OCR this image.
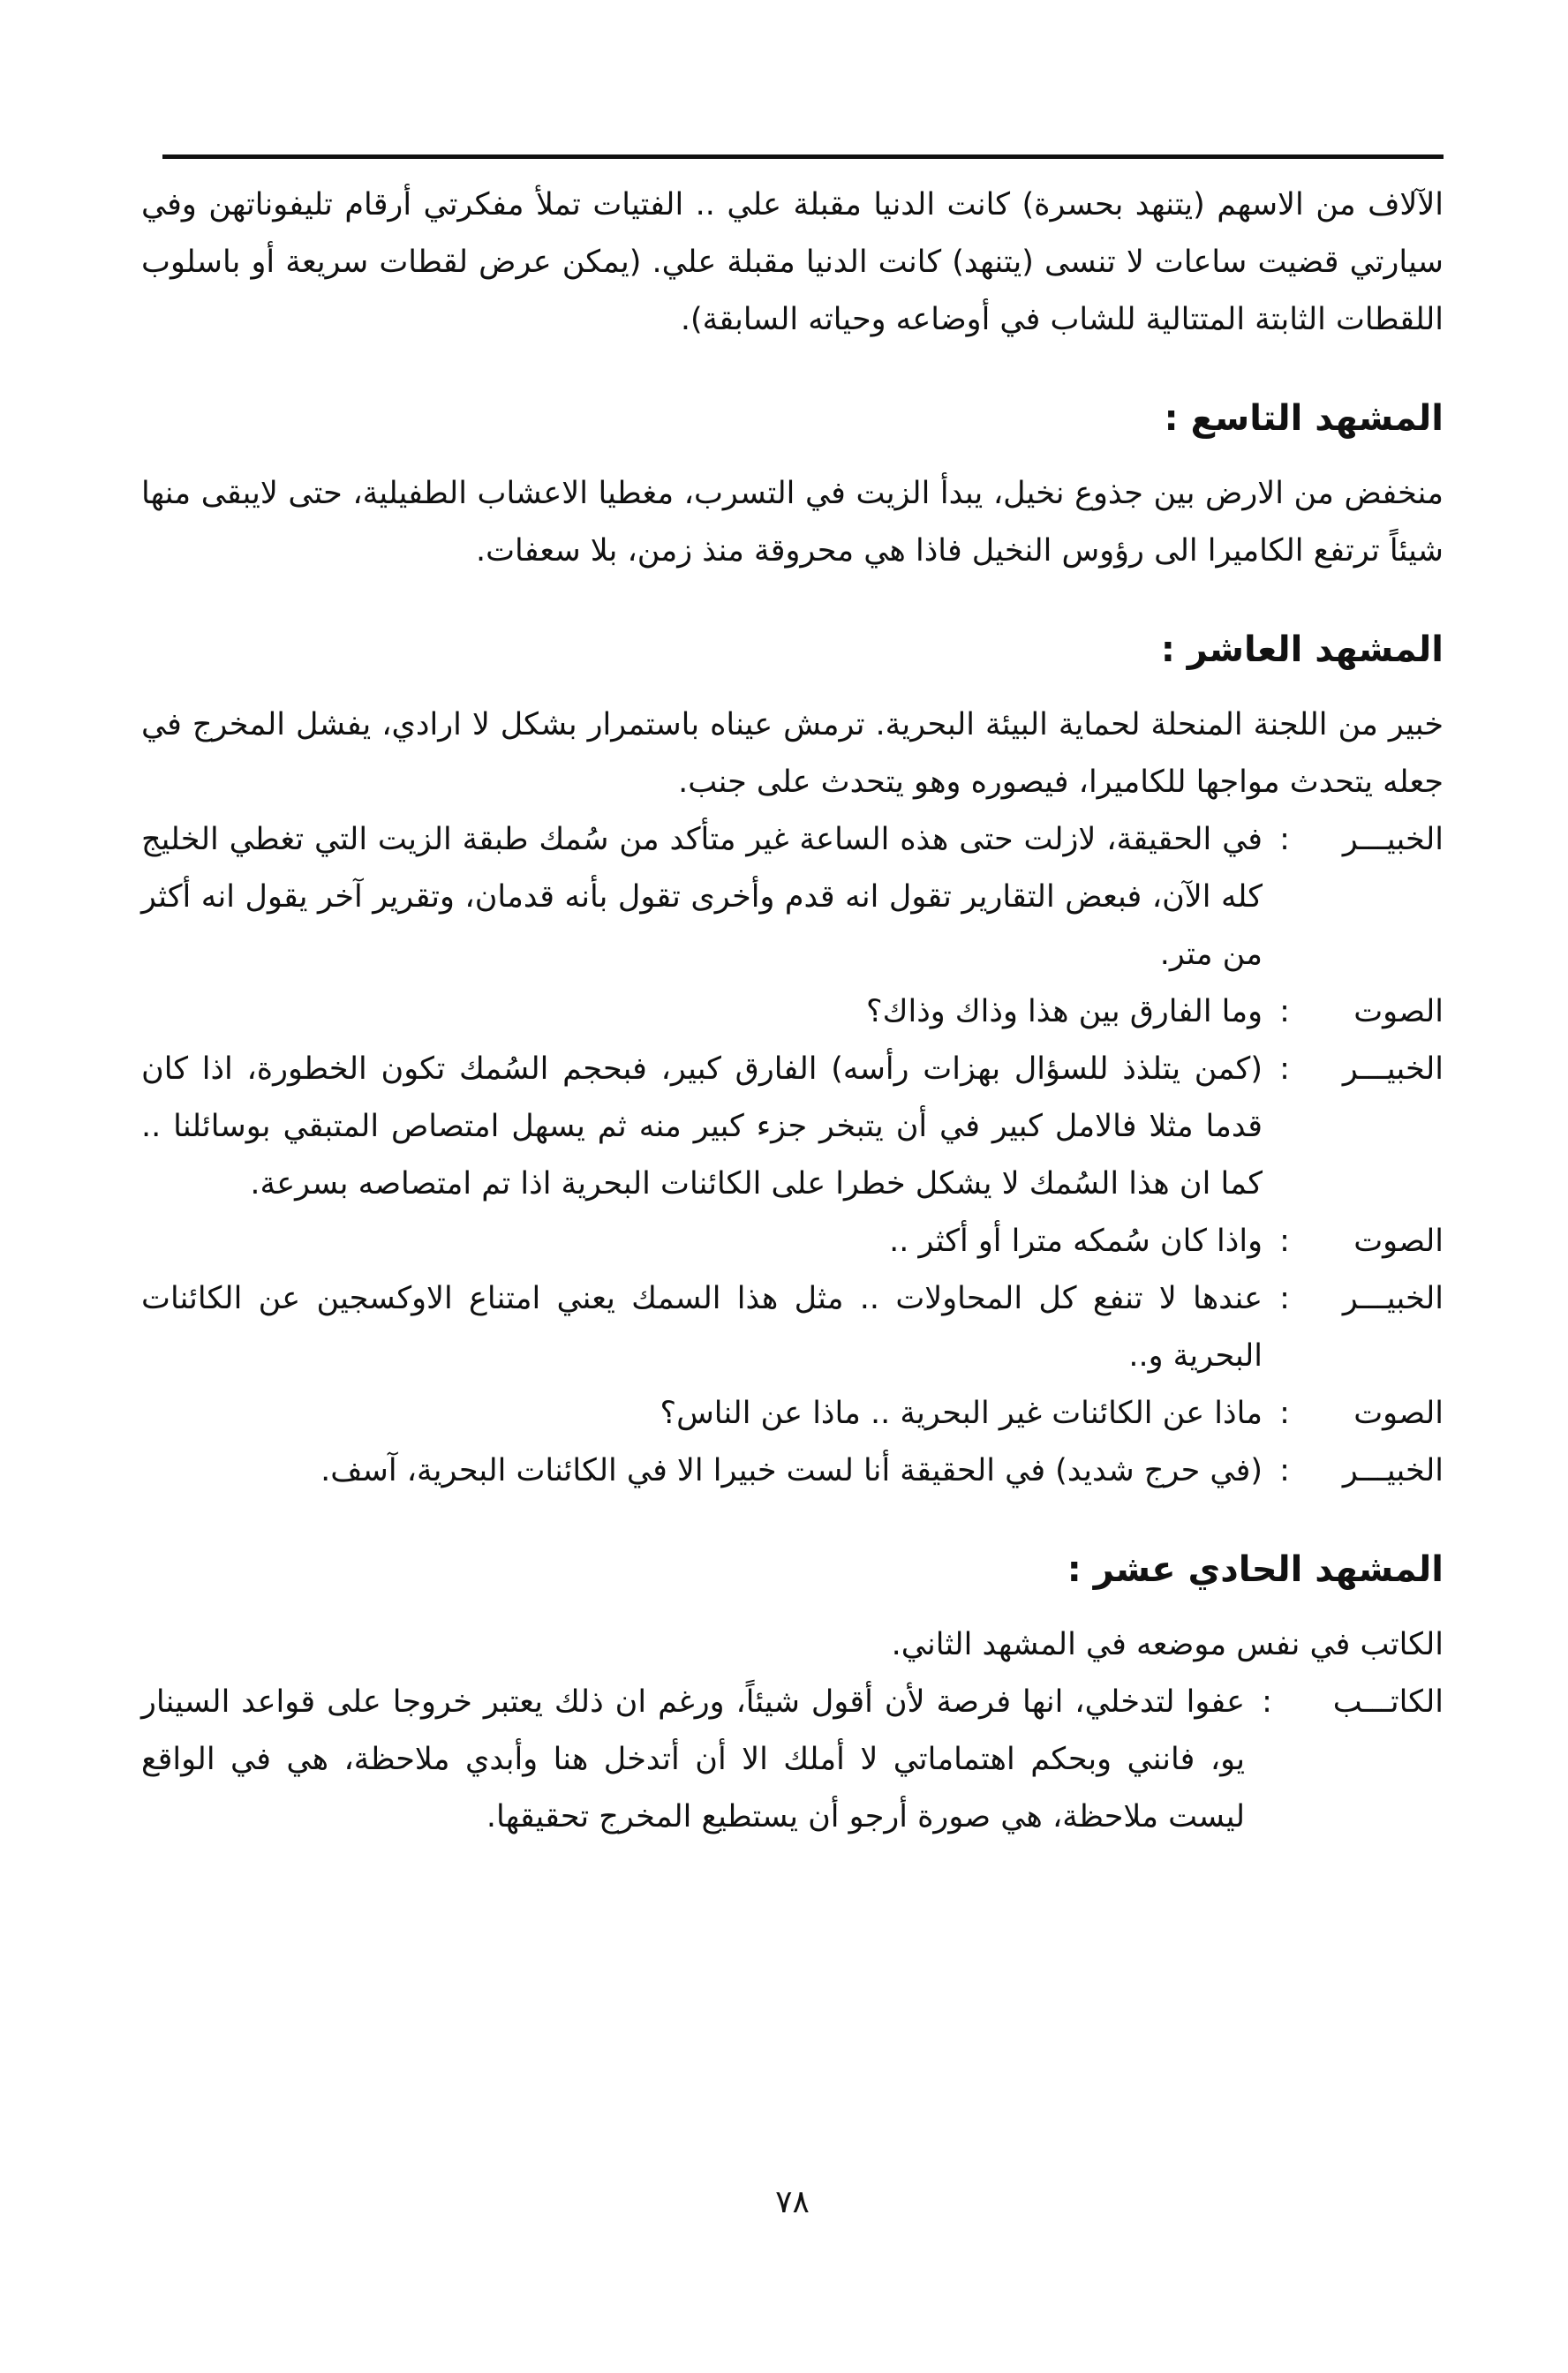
الآلاف من الاسهم (يتنهد بحسرة) كانت الدنيا مقبلة علي .. الفتيات تملأ مفكرتي أرقام تليفوناتهن وفي سيارتي قضيت ساعات لا تنسى (يتنهد) كانت الدنيا مقبلة علي. (يمكن عرض لقطات سريعة أو باسلوب اللقطات الثابتة المتتالية للشاب في أوضاعه وحياته السابقة).

المشهد التاسع :

منخفض من الارض بين جذوع نخيل، يبدأ الزيت في التسرب، مغطيا الاعشاب الطفيلية، حتى لايبقى منها شيئاً ترتفع الكاميرا الى رؤوس النخيل فاذا هي محروقة منذ زمن، بلا سعفات.

المشهد العاشر :

خبير من اللجنة المنحلة لحماية البيئة البحرية. ترمش عيناه باستمرار بشكل لا ارادي، يفشل المخرج في جعله يتحدث مواجها للكاميرا، فيصوره وهو يتحدث على جنب.

الخبيـــر
:
في الحقيقة، لازلت حتى هذه الساعة غير متأكد من سُمك طبقة الزيت التي تغطي الخليج كله الآن، فبعض التقارير تقول انه قدم وأخرى تقول بأنه قدمان، وتقرير آخر يقول انه أكثر من متر.
الصوت
:
وما الفارق بين هذا وذاك وذاك؟
الخبيـــر
:
(كمن يتلذذ للسؤال بهزات رأسه) الفارق كبير، فبحجم السُمك تكون الخطورة، اذا كان قدما مثلا فالامل كبير في أن يتبخر جزء كبير منه ثم يسهل امتصاص المتبقي بوسائلنا .. كما ان هذا السُمك لا يشكل خطرا على الكائنات البحرية اذا تم امتصاصه بسرعة.
الصوت
:
واذا كان سُمكه مترا أو أكثر ..
الخبيـــر
:
عندها لا تنفع كل المحاولات .. مثل هذا السمك يعني امتناع الاوكسجين عن الكائنات البحرية و..
الصوت
:
ماذا عن الكائنات غير البحرية .. ماذا عن الناس؟
الخبيـــر
:
(في حرج شديد) في الحقيقة أنا لست خبيرا الا في الكائنات البحرية، آسف.

المشهد الحادي عشر :

الكاتب في نفس موضعه في المشهد الثاني.

الكاتـــب
:
عفوا لتدخلي، انها فرصة لأن أقول شيئاً، ورغم ان ذلك يعتبر خروجا على قواعد السينار يو، فانني وبحكم اهتماماتي لا أملك الا أن أتدخل هنا وأبدي ملاحظة، هي في الواقع ليست ملاحظة، هي صورة أرجو أن يستطيع المخرج تحقيقها.
٧٨
